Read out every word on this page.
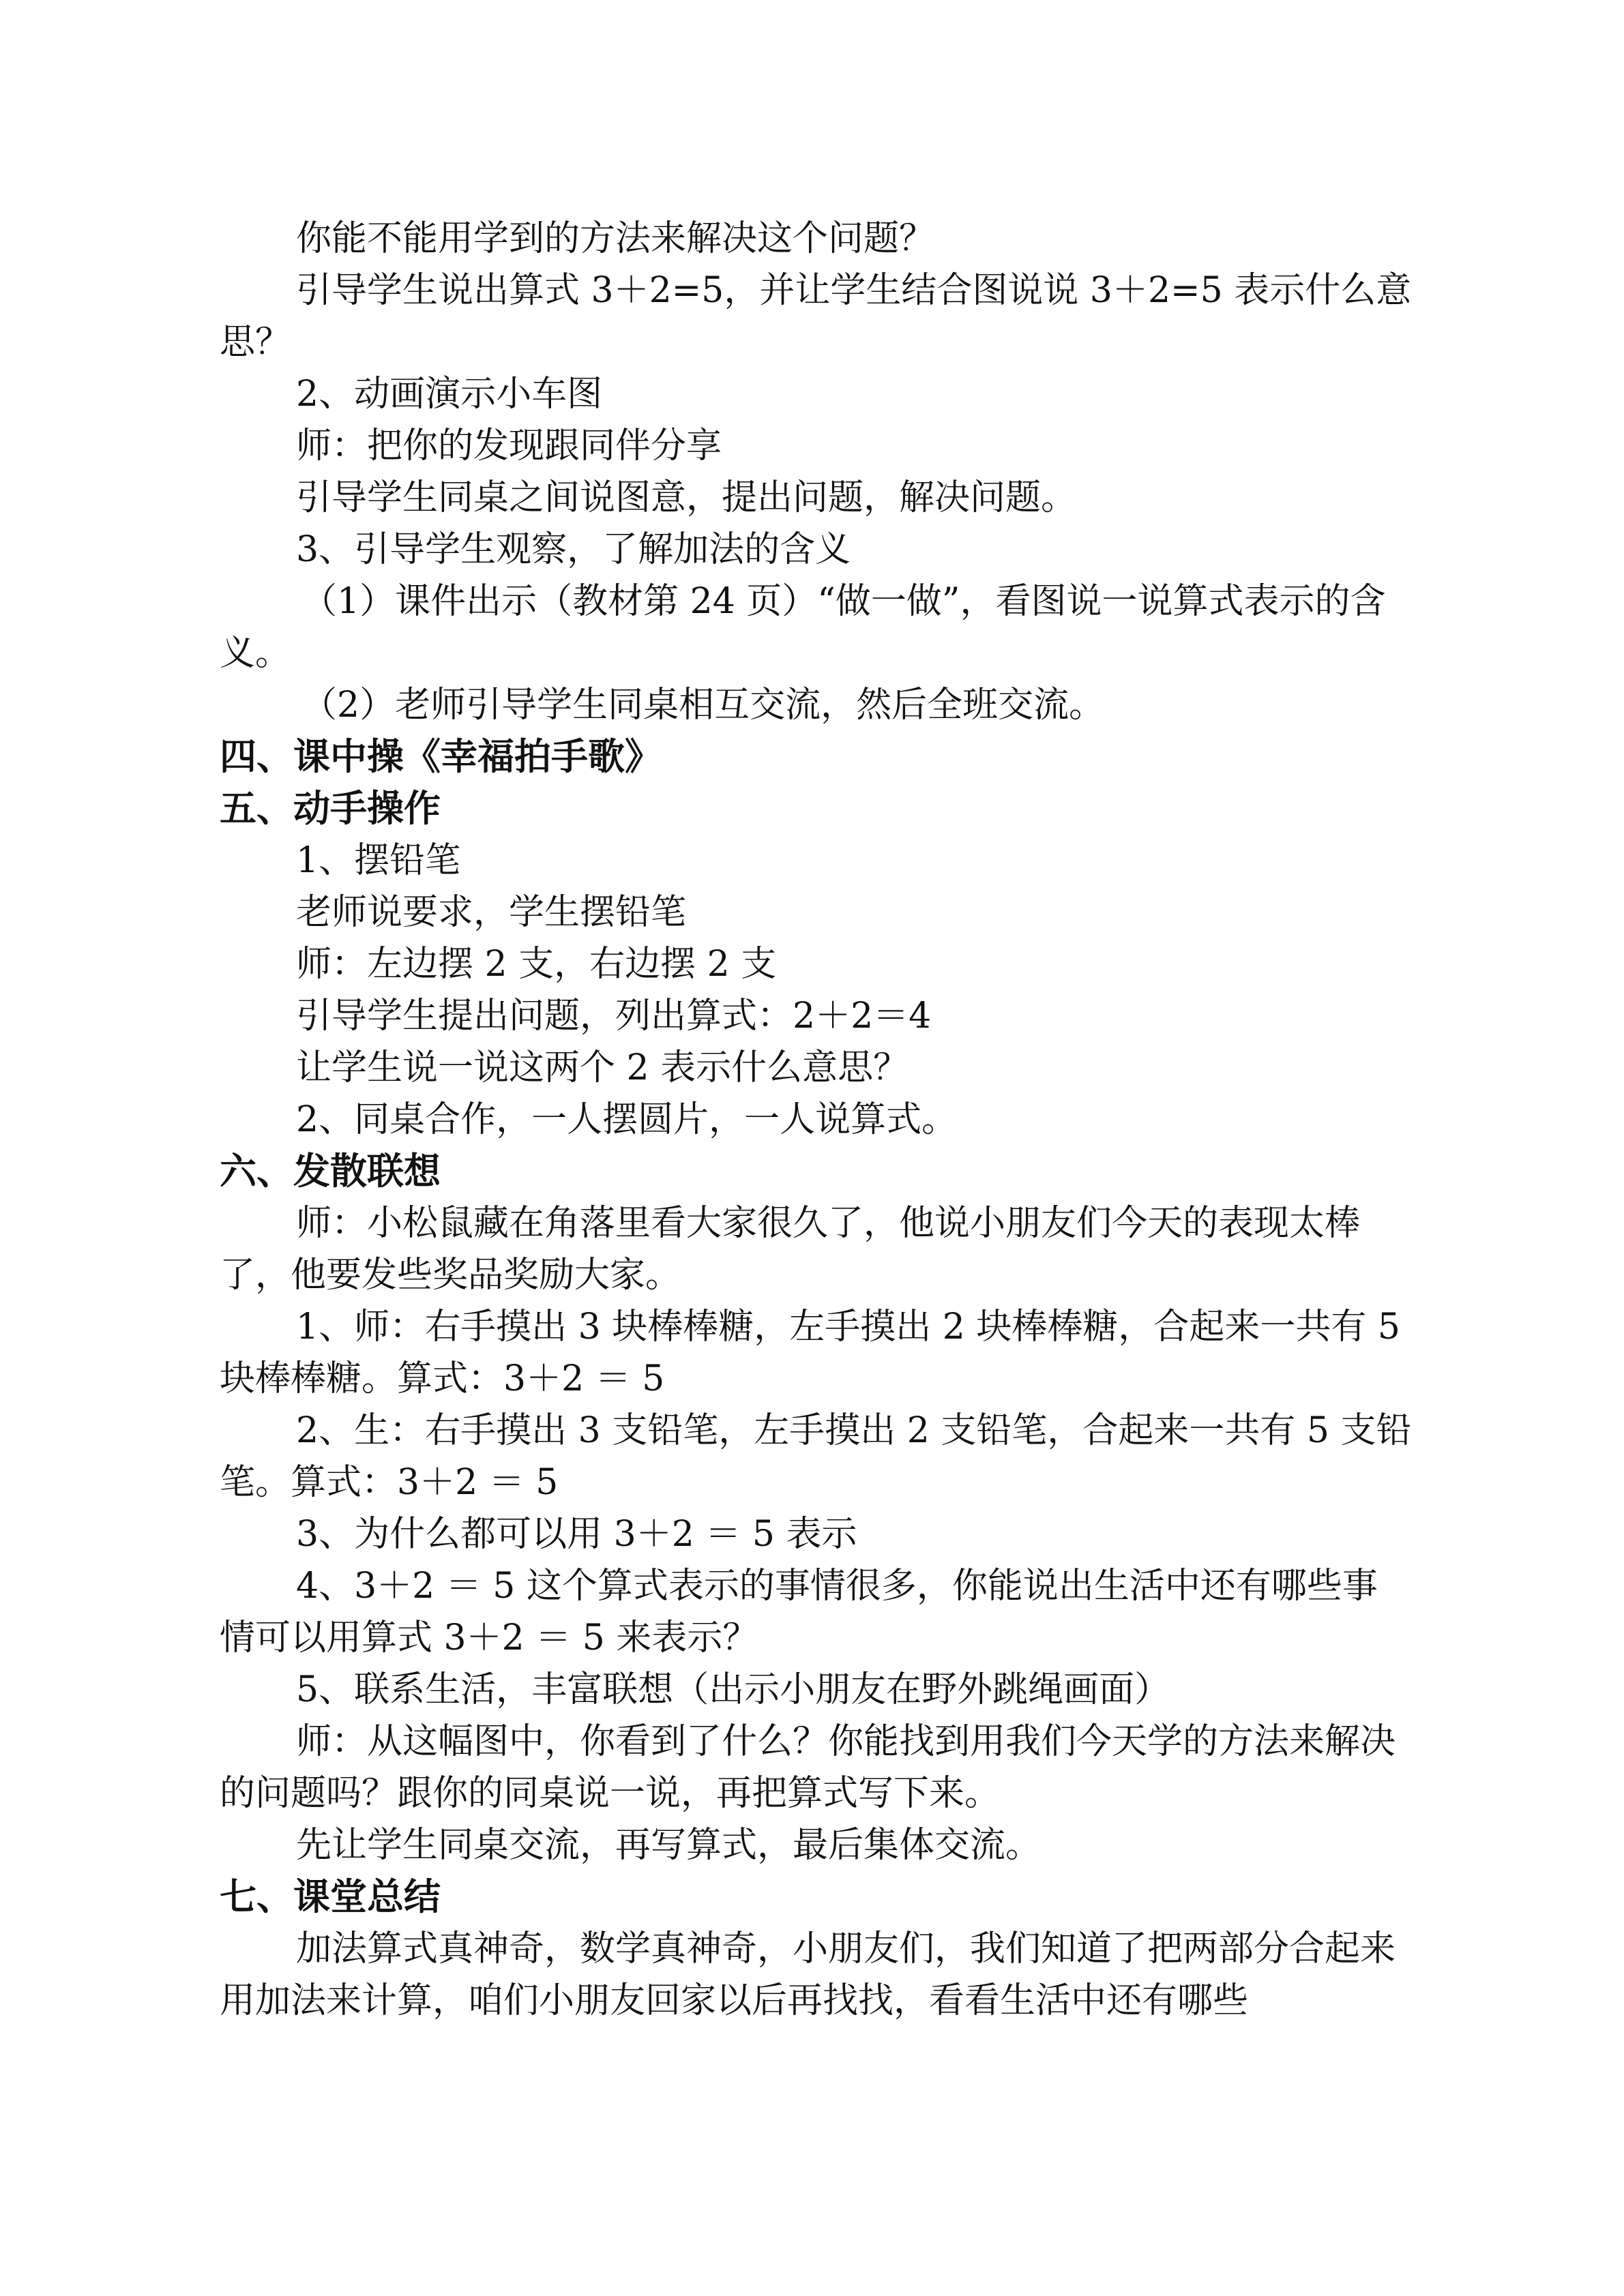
你能不能用学到的方法来解决这个问题？

引导学生说出算式 3＋2=5，并让学生结合图说说 3＋2=5 表示什么意思？

2、动画演示小车图

师：把你的发现跟同伴分享

引导学生同桌之间说图意，提出问题，解决问题。

3、引导学生观察，了解加法的含义

（1）课件出示（教材第 24 页）“做一做”，看图说一说算式表示的含义。

（2）老师引导学生同桌相互交流，然后全班交流。

四、课中操《幸福拍手歌》
五、动手操作

1、摆铅笔

老师说要求，学生摆铅笔

师：左边摆 2 支，右边摆 2 支

引导学生提出问题，列出算式：2＋2＝4

让学生说一说这两个 2 表示什么意思？

2、同桌合作，一人摆圆片，一人说算式。

六、发散联想

师：小松鼠藏在角落里看大家很久了，他说小朋友们今天的表现太棒了，他要发些奖品奖励大家。

1、师：右手摸出 3 块棒棒糖，左手摸出 2 块棒棒糖，合起来一共有 5 块棒棒糖。算式：3＋2 ＝ 5

2、生：右手摸出 3 支铅笔，左手摸出 2 支铅笔，合起来一共有 5 支铅笔。算式：3＋2 ＝ 5

3、为什么都可以用 3＋2 ＝ 5 表示

4、3＋2 ＝ 5 这个算式表示的事情很多，你能说出生活中还有哪些事情可以用算式 3＋2 ＝ 5 来表示？

5、联系生活，丰富联想（出示小朋友在野外跳绳画面）

师：从这幅图中，你看到了什么？你能找到用我们今天学的方法来解决的问题吗？跟你的同桌说一说，再把算式写下来。

先让学生同桌交流，再写算式，最后集体交流。

七、课堂总结

加法算式真神奇，数学真神奇，小朋友们，我们知道了把两部分合起来用加法来计算，咱们小朋友回家以后再找找，看看生活中还有哪些
